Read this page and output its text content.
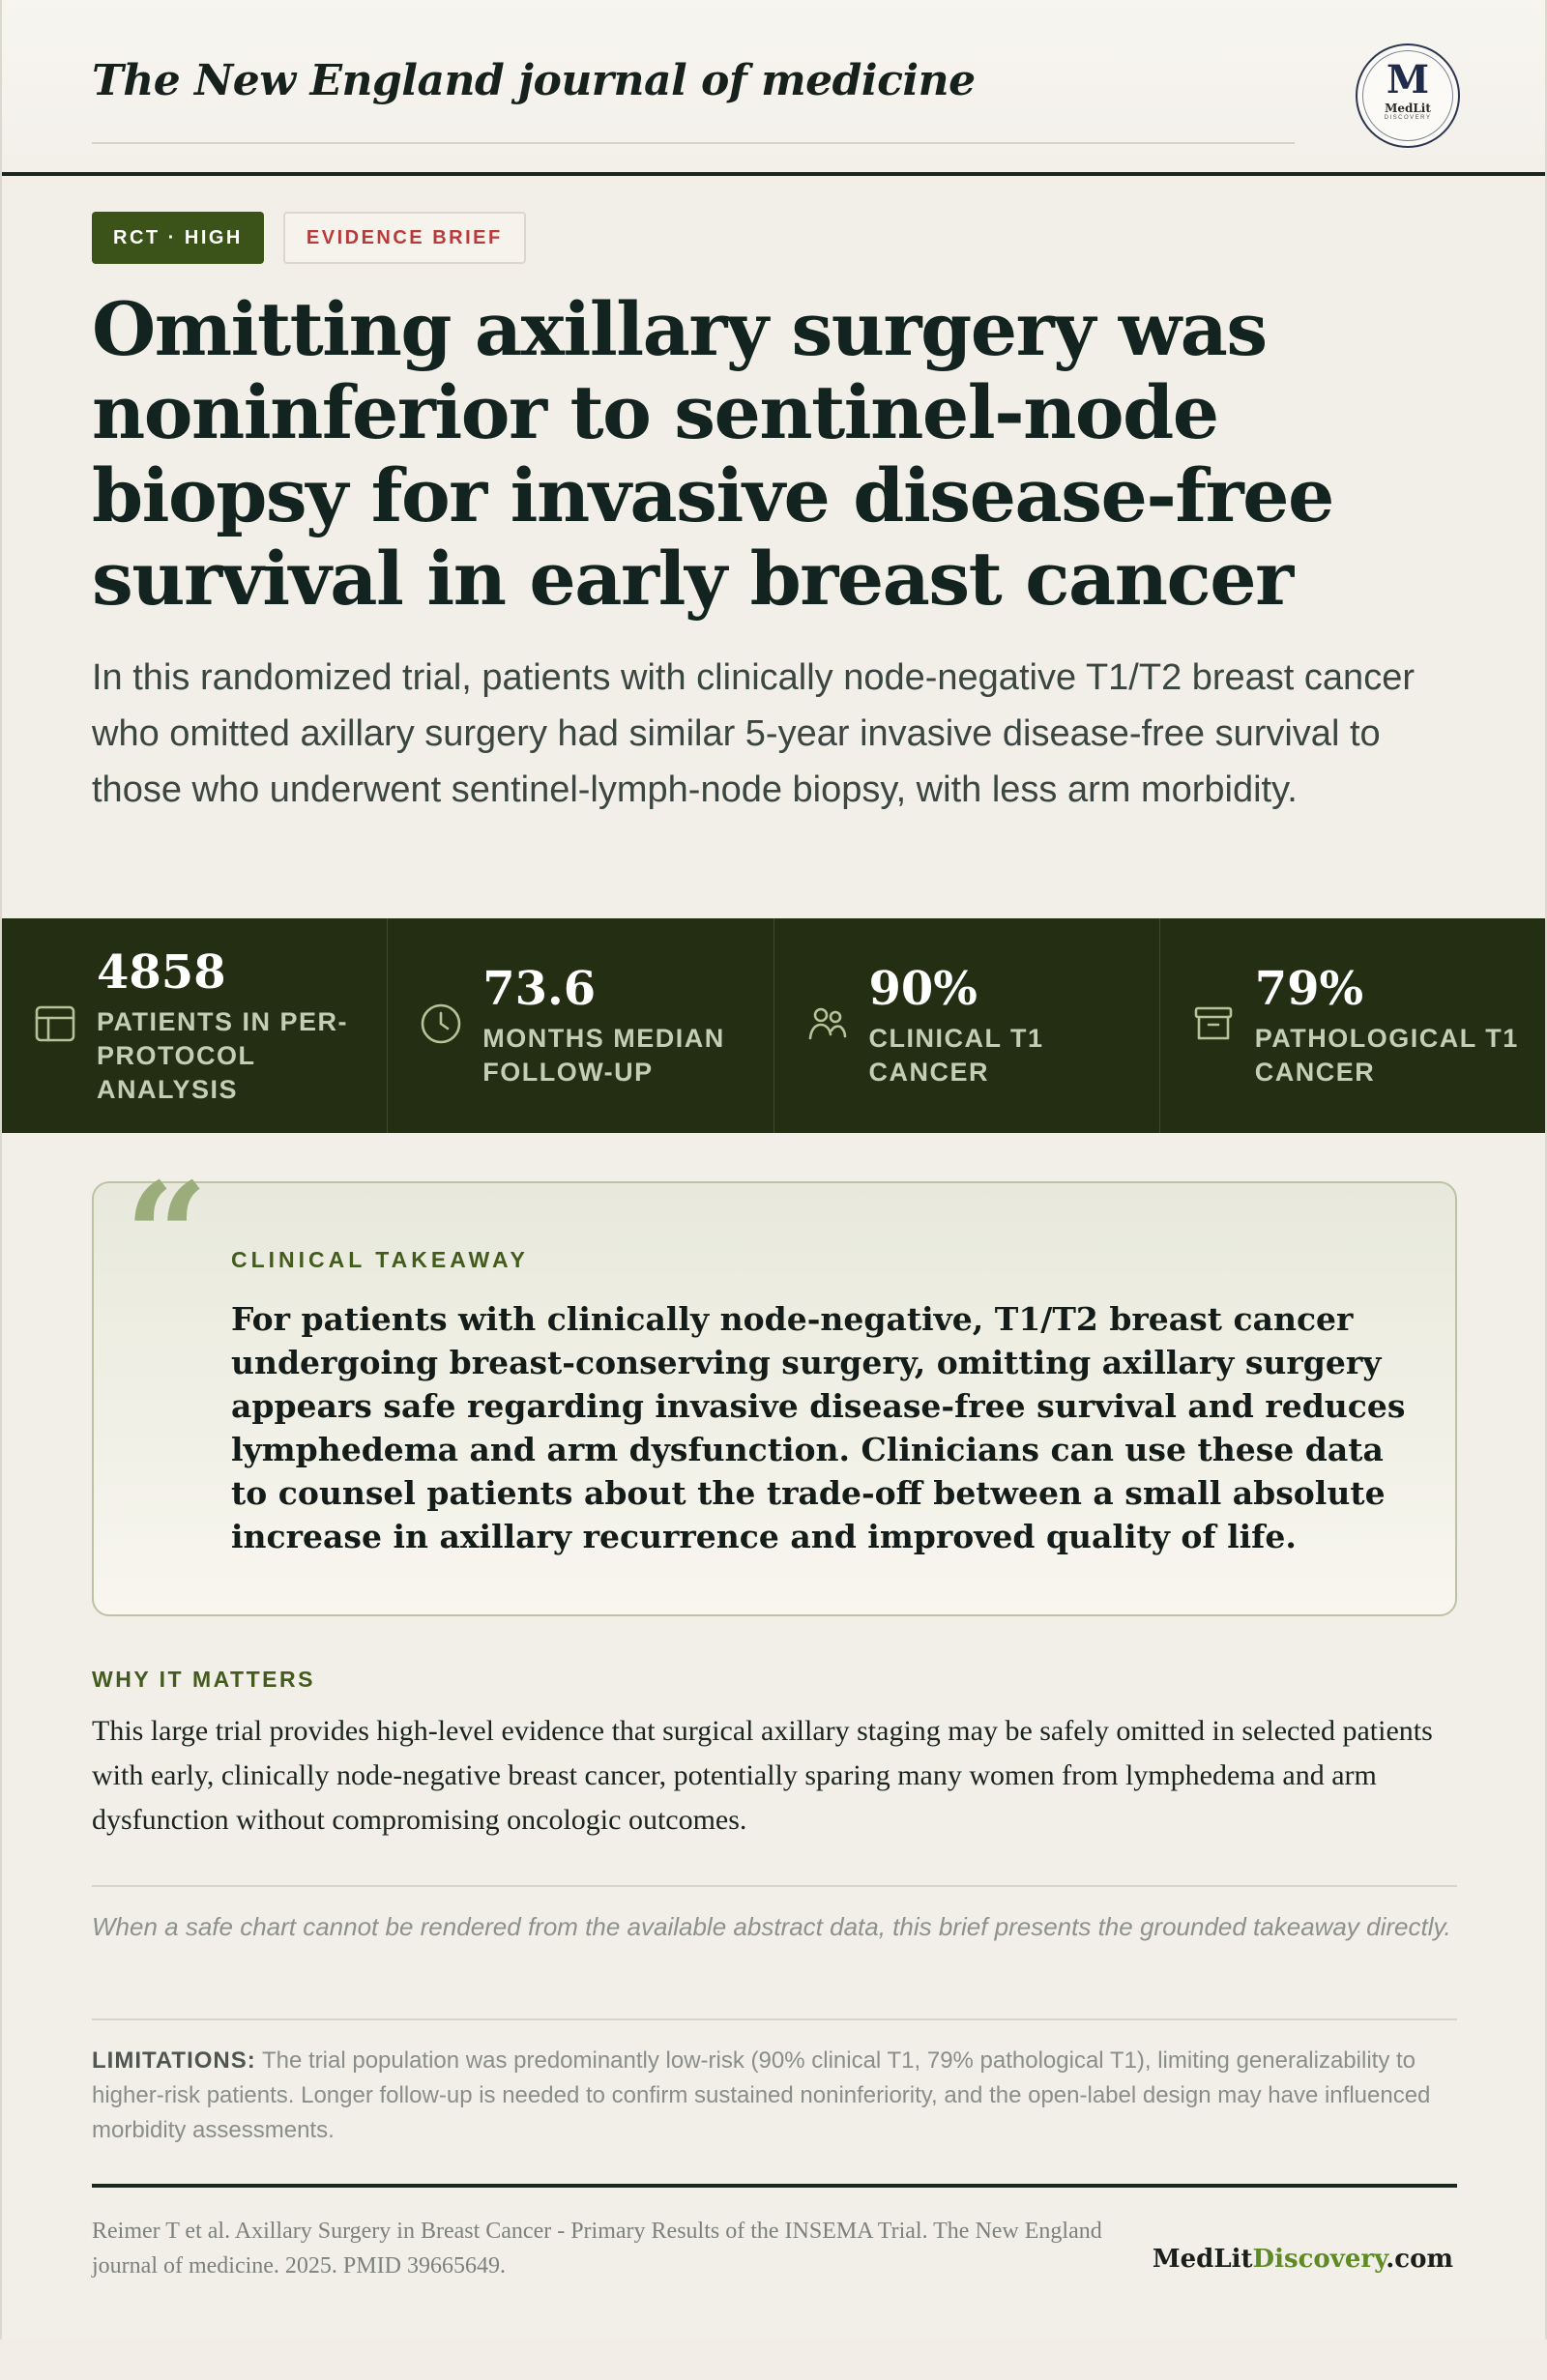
The New England journal of medicine	M
MedLit
DISCOVERY
RCT · HIGH	EVIDENCE BRIEF
Omitting axillary surgery was noninferior to sentinel-node biopsy for invasive disease-free survival in early breast cancer

In this randomized trial, patients with clinically node-negative T1/T2 breast cancer who omitted axillary surgery had similar 5-year invasive disease-free survival to those who underwent sentinel-lymph-node biopsy, with less arm morbidity.

4858
PATIENTS IN PER-PROTOCOL ANALYSIS
73.6
MONTHS MEDIAN FOLLOW-UP
90%
CLINICAL T1 CANCER
79%
PATHOLOGICAL T1 CANCER
“ CLINICAL TAKEAWAY

For patients with clinically node-negative, T1/T2 breast cancer undergoing breast-conserving surgery, omitting axillary surgery appears safe regarding invasive disease-free survival and reduces lymphedema and arm dysfunction. Clinicians can use these data to counsel patients about the trade-off between a small absolute increase in axillary recurrence and improved quality of life.

WHY IT MATTERS

This large trial provides high-level evidence that surgical axillary staging may be safely omitted in selected patients with early, clinically node-negative breast cancer, potentially sparing many women from lymphedema and arm dysfunction without compromising oncologic outcomes.

When a safe chart cannot be rendered from the available abstract data, this brief presents the grounded takeaway directly.

LIMITATIONS: The trial population was predominantly low-risk (90% clinical T1, 79% pathological T1), limiting generalizability to higher-risk patients. Longer follow-up is needed to confirm sustained noninferiority, and the open-label design may have influenced morbidity assessments.

Reimer T et al. Axillary Surgery in Breast Cancer - Primary Results of the INSEMA Trial. The New England journal of medicine. 2025. PMID 39665649.	MedLitDiscovery.com
